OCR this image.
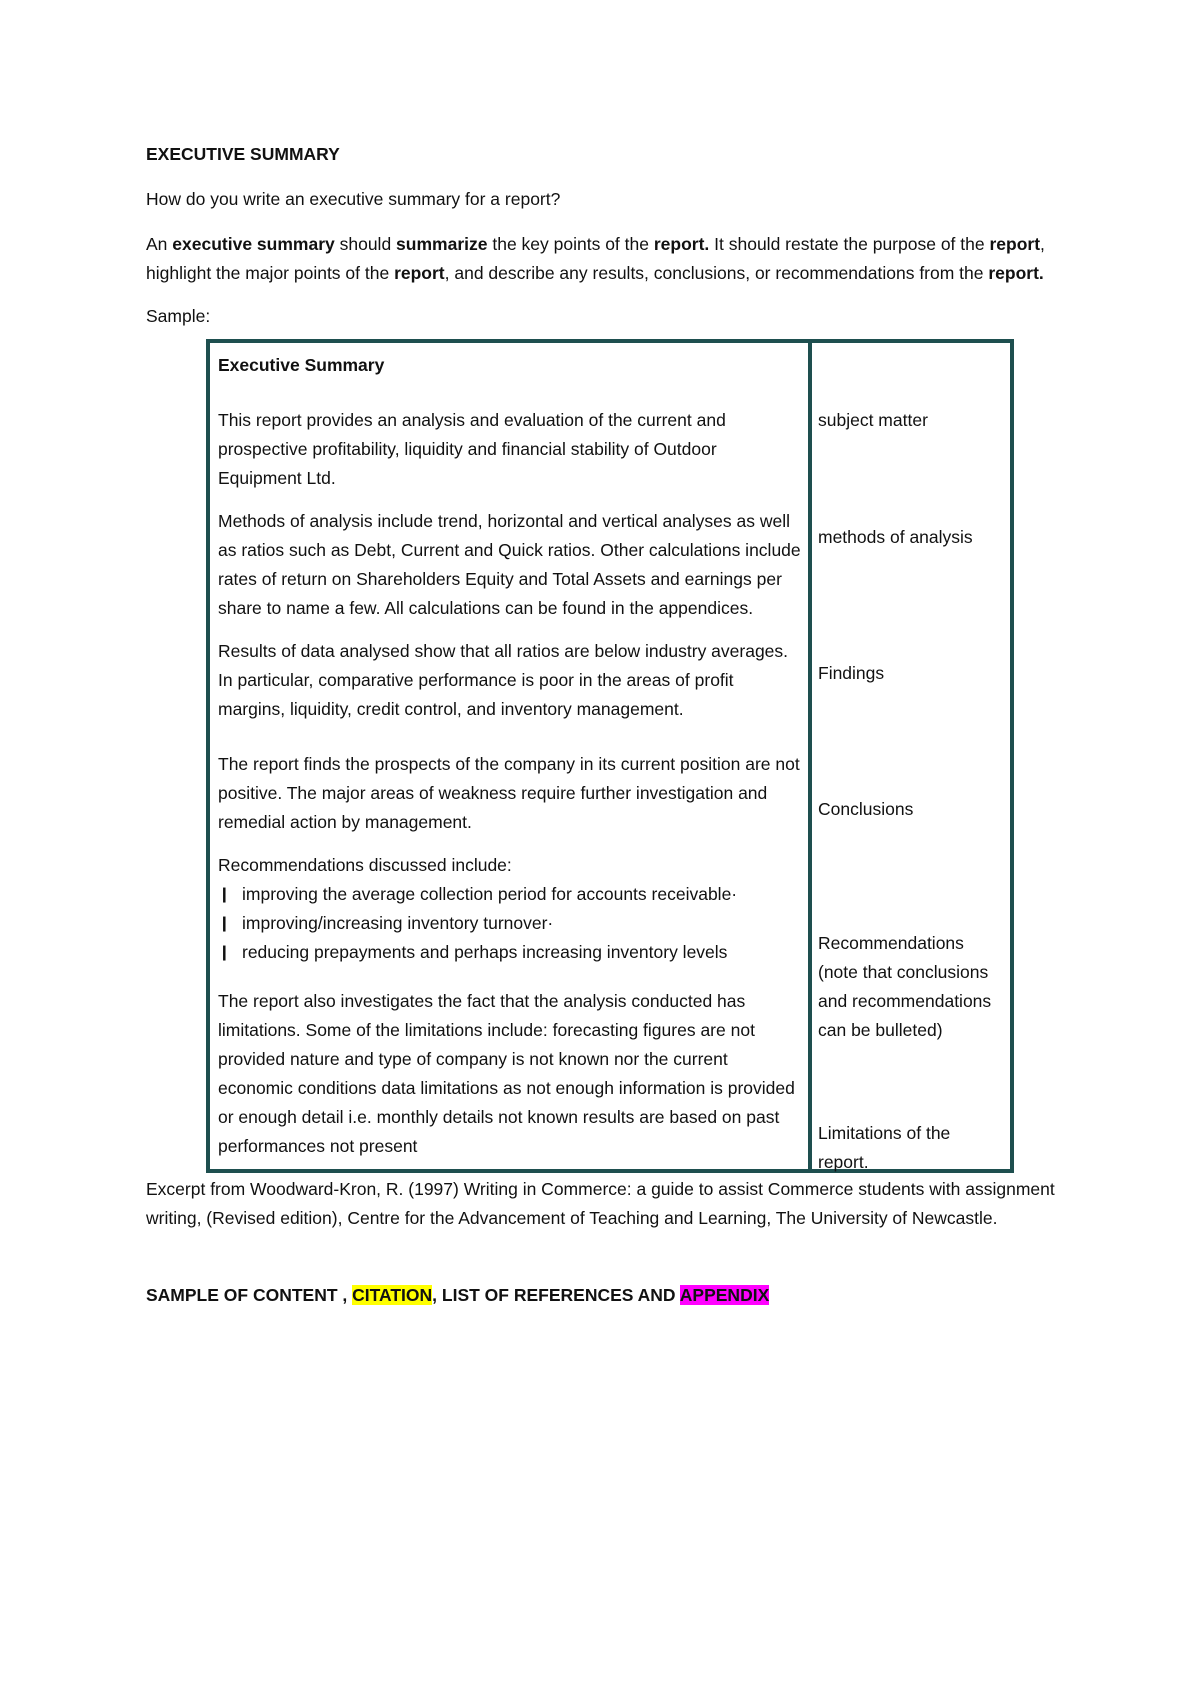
EXECUTIVE SUMMARY

How do you write an executive summary for a report?

An executive summary should summarize the key points of the report. It should restate the purpose of the report, highlight the major points of the report, and describe any results, conclusions, or recommendations from the report.

Sample:

Executive Summary
This report provides an analysis and evaluation of the current and prospective profitability, liquidity and financial stability of Outdoor Equipment Ltd.
Methods of analysis include trend, horizontal and vertical analyses as well as ratios such as Debt, Current and Quick ratios. Other calculations include rates of return on Shareholders Equity and Total Assets and earnings per share to name a few. All calculations can be found in the appendices.
Results of data analysed show that all ratios are below industry averages. In particular, comparative performance is poor in the areas of profit margins, liquidity, credit control, and inventory management.
The report finds the prospects of the company in its current position are not positive. The major areas of weakness require further investigation and remedial action by management.
Recommendations discussed include:
❙ improving the average collection period for accounts receivable·
❙ improving/increasing inventory turnover·
❙ reducing prepayments and perhaps increasing inventory levels
The report also investigates the fact that the analysis conducted has limitations. Some of the limitations include: forecasting figures are not provided nature and type of company is not known nor the current economic conditions data limitations as not enough information is provided or enough detail i.e. monthly details not known results are based on past performances not present
subject matter
methods of analysis
Findings
Conclusions
Recommendations (note that conclusions and recommendations can be bulleted)
Limitations of the report.

Excerpt from Woodward-Kron, R. (1997) Writing in Commerce: a guide to assist Commerce students with assignment writing, (Revised edition), Centre for the Advancement of Teaching and Learning, The University of Newcastle.

SAMPLE OF CONTENT , CITATION, LIST OF REFERENCES AND APPENDIX
